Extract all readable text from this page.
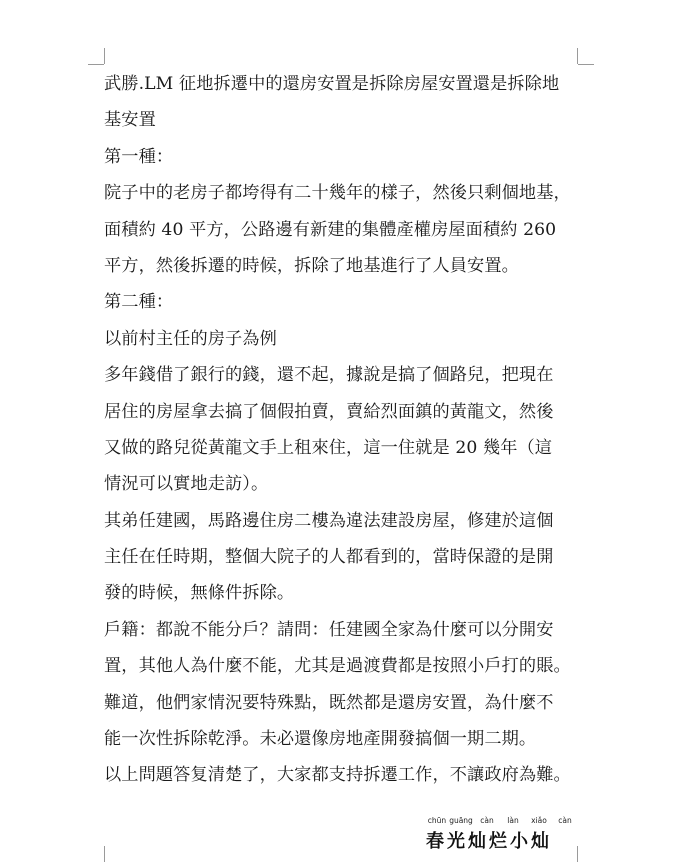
武勝.LM 征地拆遷中的還房安置是拆除房屋安置還是拆除地
基安置
第一種：
院子中的老房子都垮得有二十幾年的樣子，然後只剩個地基，
面積約 40 平方，公路邊有新建的集體產權房屋面積約 260
平方，然後拆遷的時候，拆除了地基進行了人員安置。
第二種：
以前村主任的房子為例
多年錢借了銀行的錢，還不起，據說是搞了個路兒，把現在
居住的房屋拿去搞了個假拍賣，賣給烈面鎮的黃龍文，然後
又做的路兒從黃龍文手上租來住，這一住就是 20 幾年（這
情況可以實地走訪）。
其弟任建國，馬路邊住房二樓為違法建設房屋，修建於這個
主任在任時期，整個大院子的人都看到的，當時保證的是開
發的時候，無條件拆除。
戶籍：都說不能分戶？請問：任建國全家為什麼可以分開安
置，其他人為什麼不能，尤其是過渡費都是按照小戶打的賬。
難道，他們家情況要特殊點，既然都是還房安置，為什麼不
能一次性拆除乾淨。未必還像房地產開發搞個一期二期。
以上問題答复清楚了，大家都支持拆遷工作，不讓政府為難。
chūn guāng càn	làn	xiǎo	càn
春光灿烂小灿
